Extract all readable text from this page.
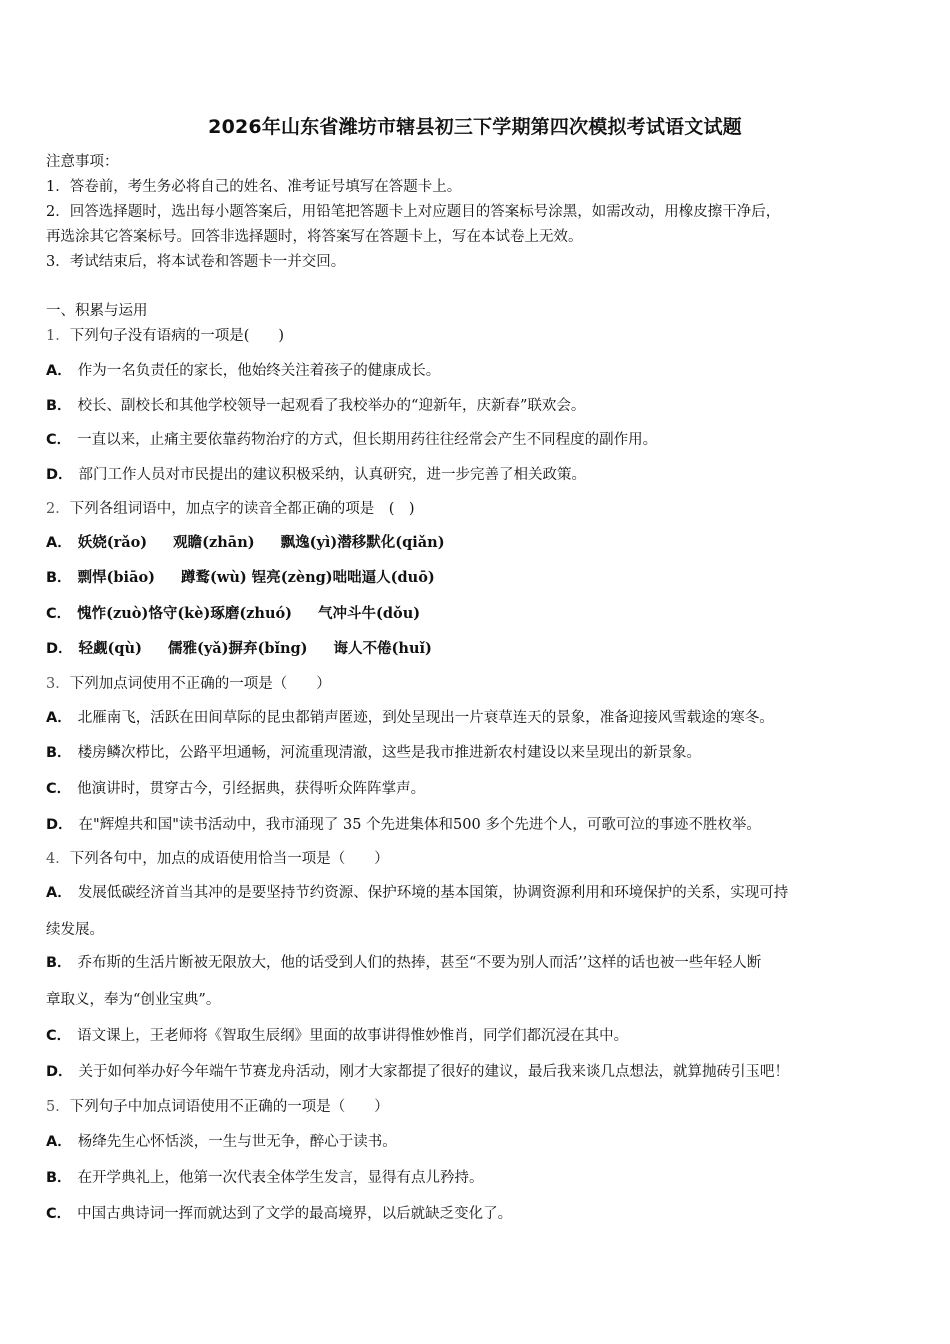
2026年山东省潍坊市辖县初三下学期第四次模拟考试语文试题
注意事项：
1．答卷前，考生务必将自己的姓名、准考证号填写在答题卡上。
2．回答选择题时，选出每小题答案后，用铅笔把答题卡上对应题目的答案标号涂黑，如需改动，用橡皮擦干净后，
再选涂其它答案标号。回答非选择题时，将答案写在答题卡上，写在本试卷上无效。
3．考试结束后，将本试卷和答题卡一并交回。
一、积累与运用
1．下列句子没有语病的一项是(　　)
A． 作为一名负责任的家长，他始终关注着孩子的健康成长。
B． 校长、副校长和其他学校领导一起观看了我校举办的“迎新年，庆新春”联欢会。
C． 一直以来，止痛主要依靠药物治疗的方式，但长期用药往往经常会产生不同程度的副作用。
D． 部门工作人员对市民提出的建议积极采纳，认真研究，进一步完善了相关政策。
2．下列各组词语中，加点字的读音全都正确的项是　(　)
A． 妖娆(rǎo) 观瞻(zhān) 飘逸(yì)潜移默化(qiǎn)
B． 剽悍(biāo) 蹲鹜(wù) 锃亮(zèng)咄咄逼人(duō)
C． 愧怍(zuò)恪守(kè)琢磨(zhuó) 气冲斗牛(dǒu)
D． 轻觑(qù) 儒雅(yǎ)摒弃(bǐng) 诲人不倦(huǐ)
3．下列加点词使用不正确的一项是（　　）
A． 北雁南飞，活跃在田间草际的昆虫都销声匿迹，到处呈现出一片衰草连天的景象，准备迎接风雪载途的寒冬。
B． 楼房鳞次栉比，公路平坦通畅，河流重现清澈，这些是我市推进新农村建设以来呈现出的新景象。
C． 他演讲时，贯穿古今，引经据典，获得听众阵阵掌声。
D． 在"辉煌共和国"读书活动中，我市涌现了 35 个先进集体和500 多个先进个人，可歌可泣的事迹不胜枚举。
4．下列各句中，加点的成语使用恰当一项是（　　）
A． 发展低碳经济首当其冲的是要坚持节约资源、保护环境的基本国策，协调资源利用和环境保护的关系，实现可持
续发展。
B． 乔布斯的生活片断被无限放大，他的话受到人们的热捧，甚至“不要为别人而活’’这样的话也被一些年轻人断
章取义，奉为“创业宝典”。
C． 语文课上，王老师将《智取生辰纲》里面的故事讲得惟妙惟肖，同学们都沉浸在其中。
D． 关于如何举办好今年端午节赛龙舟活动，刚才大家都提了很好的建议，最后我来谈几点想法，就算抛砖引玉吧！
5．下列句子中加点词语使用不正确的一项是（　　）
A． 杨绛先生心怀恬淡，一生与世无争，醉心于读书。
B． 在开学典礼上，他第一次代表全体学生发言，显得有点儿矜持。
C． 中国古典诗词一挥而就达到了文学的最高境界，以后就缺乏变化了。
